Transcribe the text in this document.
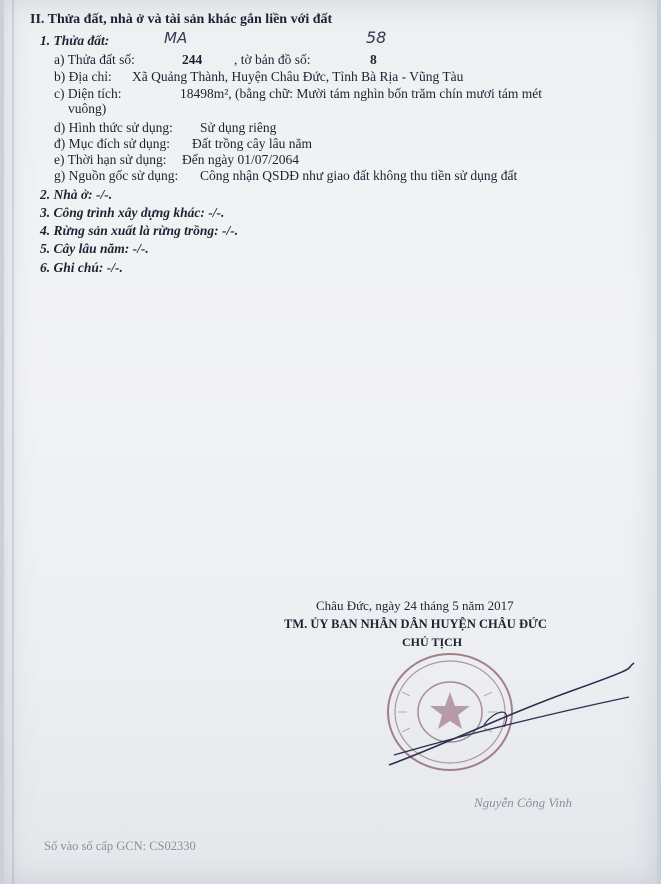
II. Thửa đất, nhà ở và tài sản khác gắn liền với đất
58
1. Thửa đất:	MA
a) Thửa đất số:	244 , tờ bản đồ số:	8
b) Địa chỉ: Xã Quảng Thành, Huyện Châu Đức, Tỉnh Bà Rịa - Vũng Tàu
c) Diện tích:	18498m², (bằng chữ: Mười tám nghìn bốn trăm chín mươi tám mét
vuông)
d) Hình thức sử dụng: Sử dụng riêng
đ) Mục đích sử dụng: Đất trồng cây lâu năm
e) Thời hạn sử dụng: Đến ngày 01/07/2064
g) Nguồn gốc sử dụng: Công nhận QSDĐ như giao đất không thu tiền sử dụng đất
2. Nhà ở: -/-.
3. Công trình xây dựng khác: -/-.
4. Rừng sản xuất là rừng trồng: -/-.
5. Cây lâu năm: -/-.
6. Ghi chú: -/-.
Châu Đức, ngày 24 tháng 5 năm 2017
TM. ỦY BAN NHÂN DÂN HUYỆN CHÂU ĐỨC
CHỦ TỊCH
Nguyễn Công Vinh
Số vào sổ cấp GCN: CS02330
